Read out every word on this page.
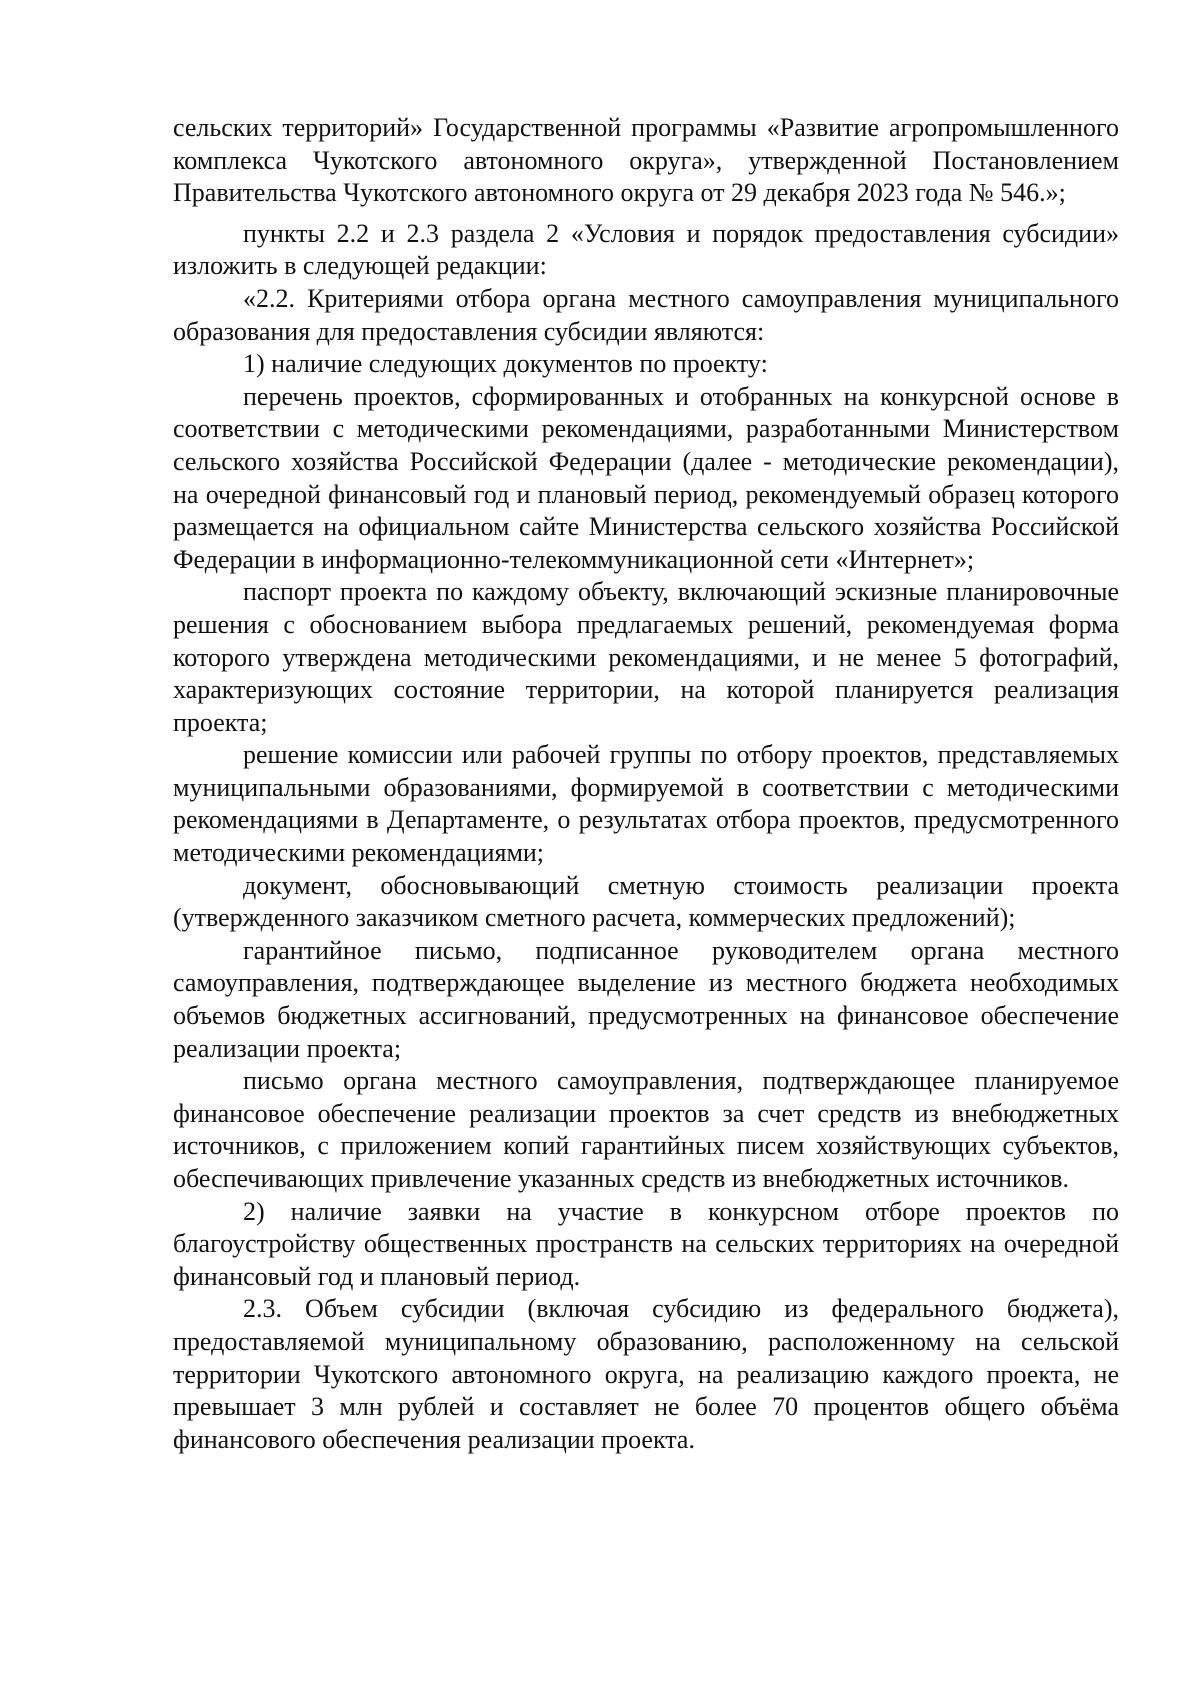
сельских территорий» Государственной программы «Развитие агропромышленного комплекса Чукотского автономного округа», утвержденной Постановлением Правительства Чукотского автономного округа от 29 декабря 2023 года № 546.»;

пункты 2.2 и 2.3 раздела 2 «Условия и порядок предоставления субсидии» изложить в следующей редакции:

«2.2. Критериями отбора органа местного самоуправления муниципального образования для предоставления субсидии являются:

1) наличие следующих документов по проекту:

перечень проектов, сформированных и отобранных на конкурсной основе в соответствии с методическими рекомендациями, разработанными Министерством сельского хозяйства Российской Федерации (далее - методические рекомендации), на очередной финансовый год и плановый период, рекомендуемый образец которого размещается на официальном сайте Министерства сельского хозяйства Российской Федерации в информационно-телекоммуникационной сети «Интернет»;

паспорт проекта по каждому объекту, включающий эскизные планировочные решения с обоснованием выбора предлагаемых решений, рекомендуемая форма которого утверждена методическими рекомендациями, и не менее 5 фотографий, характеризующих состояние территории, на которой планируется реализация проекта;

решение комиссии или рабочей группы по отбору проектов, представляемых муниципальными образованиями, формируемой в соответствии с методическими рекомендациями в Департаменте, о результатах отбора проектов, предусмотренного методическими рекомендациями;

документ, обосновывающий сметную стоимость реализации проекта (утвержденного заказчиком сметного расчета, коммерческих предложений);

гарантийное письмо, подписанное руководителем органа местного самоуправления, подтверждающее выделение из местного бюджета необходимых объемов бюджетных ассигнований, предусмотренных на финансовое обеспечение реализации проекта;

письмо органа местного самоуправления, подтверждающее планируемое финансовое обеспечение реализации проектов за счет средств из внебюджетных источников, с приложением копий гарантийных писем хозяйствующих субъектов, обеспечивающих привлечение указанных средств из внебюджетных источников.

2) наличие заявки на участие в конкурсном отборе проектов по благоустройству общественных пространств на сельских территориях на очередной финансовый год и плановый период.

2.3. Объем субсидии (включая субсидию из федерального бюджета), предоставляемой муниципальному образованию, расположенному на сельской территории Чукотского автономного округа, на реализацию каждого проекта, не превышает 3 млн рублей и составляет не более 70 процентов общего объёма финансового обеспечения реализации проекта.
